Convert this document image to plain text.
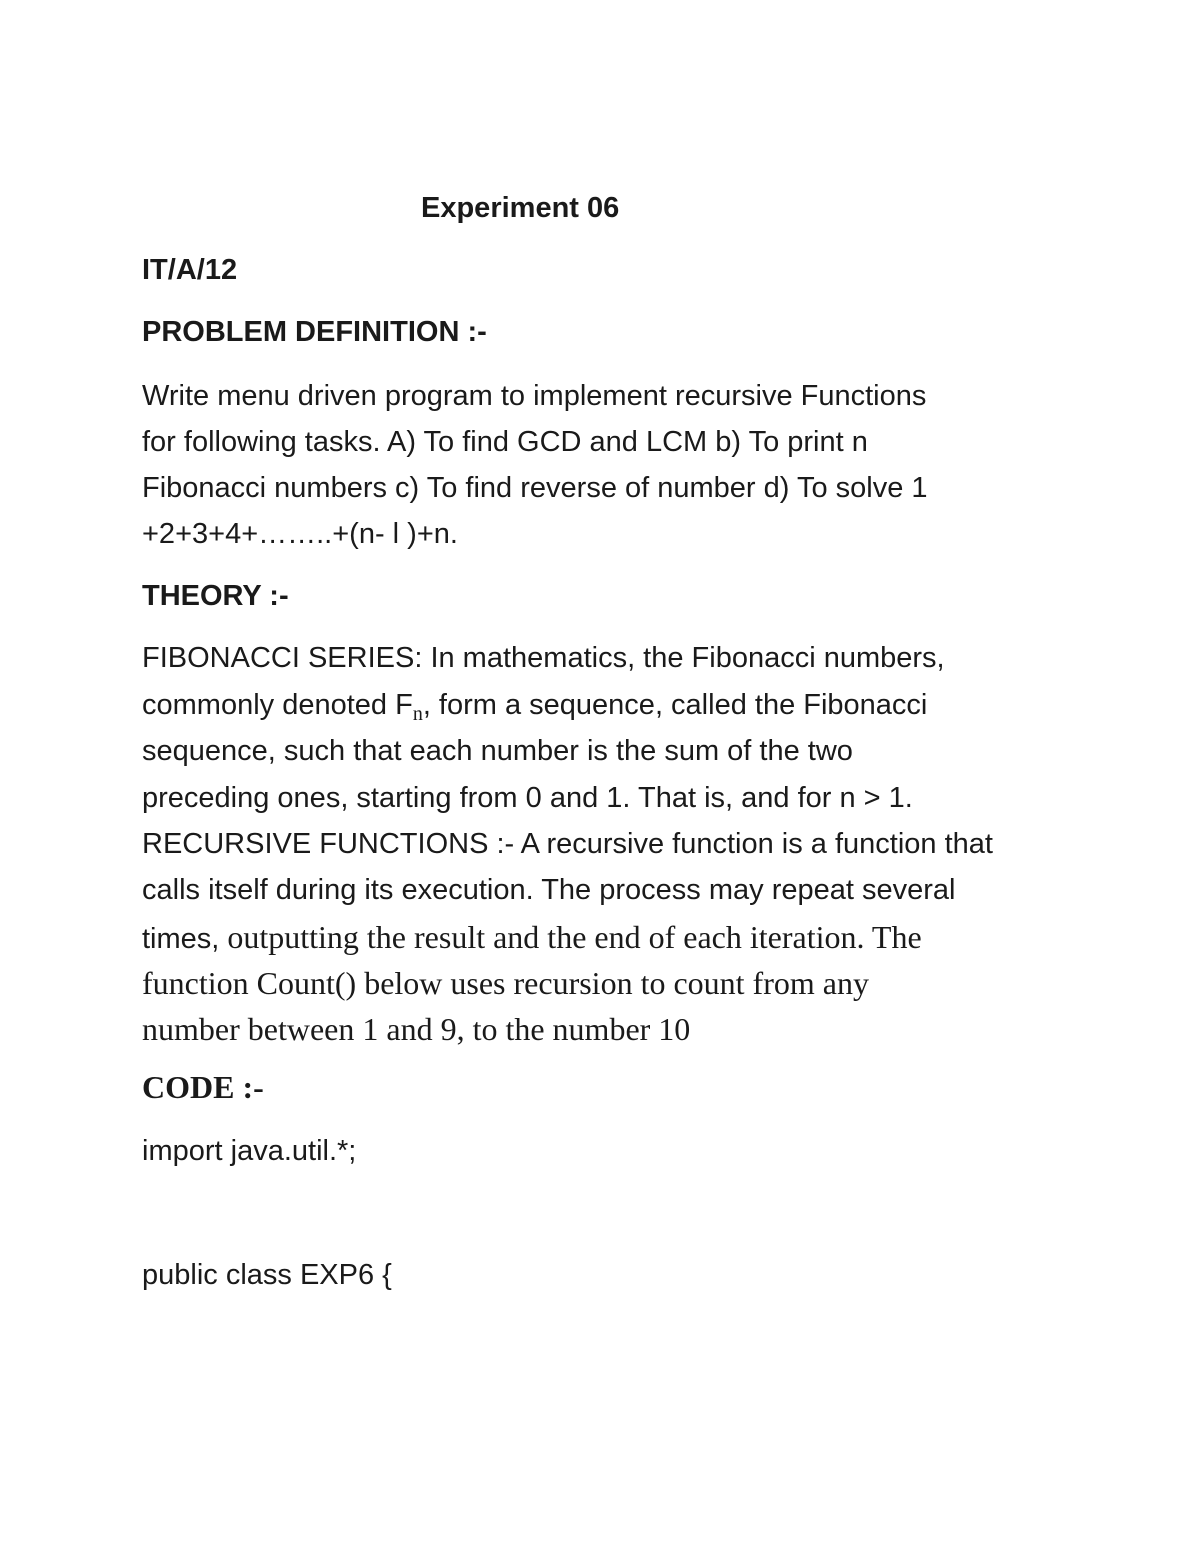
Experiment 06
IT/A/12
PROBLEM DEFINITION :-
Write menu driven program to implement recursive Functions
for following tasks. A) To find GCD and LCM b) To print n
Fibonacci numbers c) To find reverse of number d) To solve 1
+2+3+4+……..+(n- l )+n.
THEORY :-
FIBONACCI SERIES: In mathematics, the Fibonacci numbers,
commonly denoted $F_n$, form a sequence, called the Fibonacci
sequence, such that each number is the sum of the two
preceding ones, starting from 0 and 1. That is, and for n > 1.
RECURSIVE FUNCTIONS :- A recursive function is a function that
calls itself during its execution. The process may repeat several
times, outputting the result and the end of each iteration. The
function Count() below uses recursion to count from any
number between 1 and 9, to the number 10
CODE :-
import java.util.*;
public class EXP6 {
